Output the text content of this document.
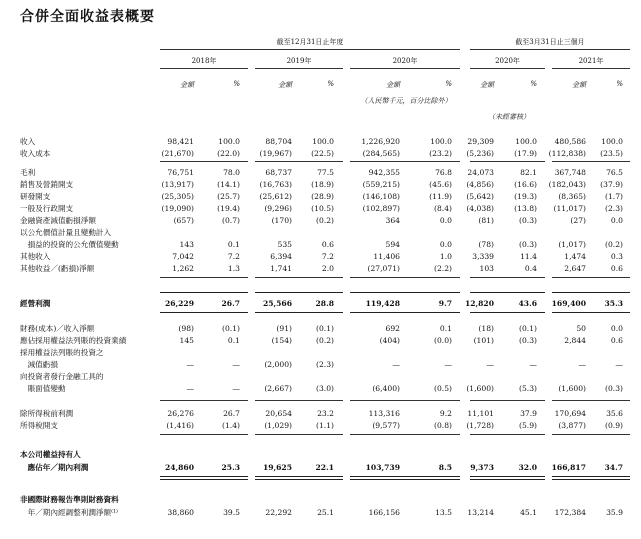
合併全面收益表概要
截至12月31日止年度	截至3月31日止三個月
2018年	2019年	2020年	2020年	2021年
金額	%	金額	%	金額	%	金額	%	金額	%
（人民幣千元，百分比除外）
（未經審核）
收入	98,421	100.0	88,704	100.0	1,226,920	100.0 29,309	100.0 480,586 100.0
收入成本	(21,670)	(22.0)	(19,967)	(22.5)	(284,565)	(23.2) (5,236)	(17.9) (112,838) (23.5)
毛利	76,751	78.0	68,737	77.5	942,355	76.8 24,073	82.1 367,748	76.5
銷售及營銷開支	(13,917)	(14.1)	(16,763)	(18.9)	(559,215)	(45.6) (4,856)	(16.6) (182,043) (37.9)
研發開支	(25,305)	(25.7)	(25,612)	(28.9)	(146,108)	(11.9) (5,642)	(19.3)	(8,365) (1.7)
一般及行政開支	(19,090)	(19.4)	(9,296)	(10.5)	(102,897)	(8.4) (4,038)	(13.8) (11,017) (2.3)
金融資產減值虧損淨額	(657)	(0.7)	(170)	(0.2)	364	0.0	(81)	(0.3)	(27)	0.0
以公允價值計量且變動計入
　損益的投資的公允價值變動	143	0.1	535	0.6	594	0.0	(78)	(0.3)	(1,017) (0.2)
其他收入	7,042	7.2	6,394	7.2	11,406	1.0	3,339	11.4	1,474	0.3
其他收益／(虧損)淨額	1,262	1.3	1,741	2.0	(27,071)	(2.2)	103	0.4	2,647	0.6
經營利潤	26,229	26.7	25,566	28.8	119,428	9.7 12,820	43.6 169,400 35.3
財務(成本)／收入淨額	(98)	(0.1)	(91)	(0.1)	692	0.1	(18)	(0.1)	50	0.0
應佔採用權益法列賬的投資業績	145	0.1	(154)	(0.2)	(404)	(0.0)	(101)	(0.3)	2,844	0.6
採用權益法列賬的投資之
　減值虧損	—	—	(2,000)	(2.3)	—	—	—	—	—	—
向投資者發行金融工具的
　賬面值變動	—	—	(2,667)	(3.0)	(6,400)	(0.5) (1,600)	(5.3)	(1,600) (0.3)
除所得稅前利潤	26,276	26.7	20,654	23.2	113,316	9.2 11,101	37.9 170,694	35.6
所得稅開支	(1,416)	(1.4)	(1,029)	(1.1)	(9,577)	(0.8) (1,728)	(5.9)	(3,877) (0.9)
本公司權益持有人
　應佔年／期內利潤	24,860	25.3	19,625	22.1	103,739	8.5 9,373	32.0 166,817 34.7
非國際財務報告準則財務資料
　年／期內經調整利潤淨額⁽¹⁾	38,860	39.5	22,292	25.1	166,156	13.5 13,214	45.1 172,384	35.9
